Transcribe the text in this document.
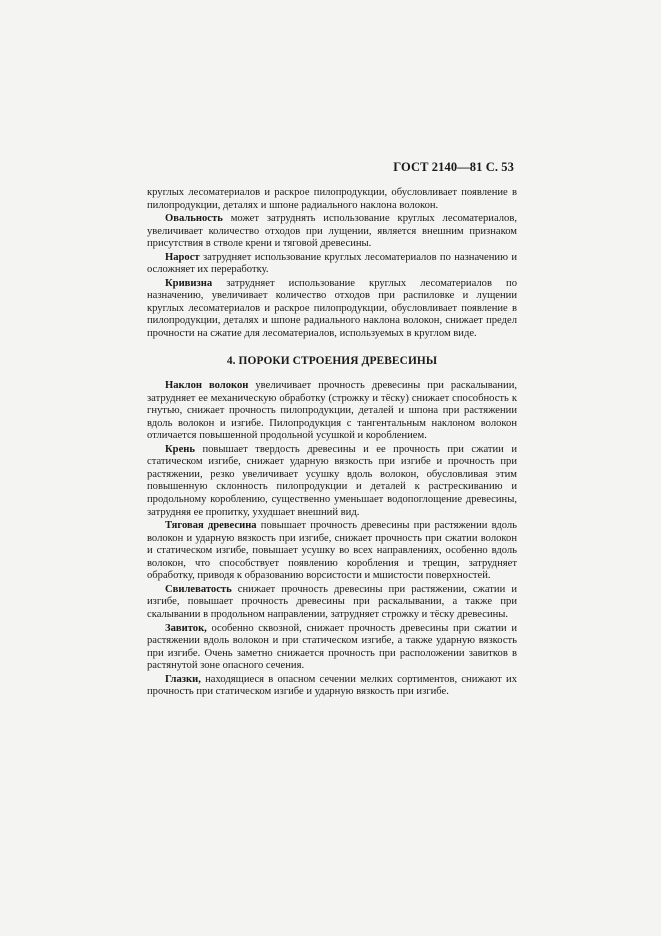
ГОСТ 2140—81 С. 53

круглых лесоматериалов и раскрое пилопродукции, обусловливает появление в пилопродукции, деталях и шпоне радиального наклона волокон.

Овальность может затруднять использование круглых лесоматериалов, увеличивает количество отходов при лущении, является внешним признаком присутствия в стволе крени и тяговой древесины.

Нарост затрудняет использование круглых лесоматериалов по назначению и осложняет их переработку.

Кривизна затрудняет использование круглых лесоматериалов по назначению, увеличивает количество отходов при распиловке и лущении круглых лесоматериалов и раскрое пилопродукции, обусловливает появление в пилопродукции, деталях и шпоне радиального наклона волокон, снижает предел прочности на сжатие для лесоматериалов, используемых в круглом виде.

4. ПОРОКИ СТРОЕНИЯ ДРЕВЕСИНЫ

Наклон волокон увеличивает прочность древесины при раскалывании, затрудняет ее механическую обработку (строжку и тёску) снижает способность к гнутью, снижает прочность пилопродукции, деталей и шпона при растяжении вдоль волокон и изгибе. Пилопродукция с тангентальным наклоном волокон отличается повышенной продольной усушкой и короблением.

Крень повышает твердость древесины и ее прочность при сжатии и статическом изгибе, снижает ударную вязкость при изгибе и прочность при растяжении, резко увеличивает усушку вдоль волокон, обусловливая этим повышенную склонность пилопродукции и деталей к растрескиванию и продольному короблению, существенно уменьшает водопоглощение древесины, затрудняя ее пропитку, ухудшает внешний вид.

Тяговая древесина повышает прочность древесины при растяжении вдоль волокон и ударную вязкость при изгибе, снижает прочность при сжатии волокон и статическом изгибе, повышает усушку во всех направлениях, особенно вдоль волокон, что способствует появлению коробления и трещин, затрудняет обработку, приводя к образованию ворсистости и мшистости поверхностей.

Свилеватость снижает прочность древесины при растяжении, сжатии и изгибе, повышает прочность древесины при раскалывании, а также при скалывании в продольном направлении, затрудняет строжку и тёску древесины.

Завиток, особенно сквозной, снижает прочность древесины при сжатии и растяжении вдоль волокон и при статическом изгибе, а также ударную вязкость при изгибе. Очень заметно снижается прочность при расположении завитков в растянутой зоне опасного сечения.

Глазки, находящиеся в опасном сечении мелких сортиментов, снижают их прочность при статическом изгибе и ударную вязкость при изгибе.
